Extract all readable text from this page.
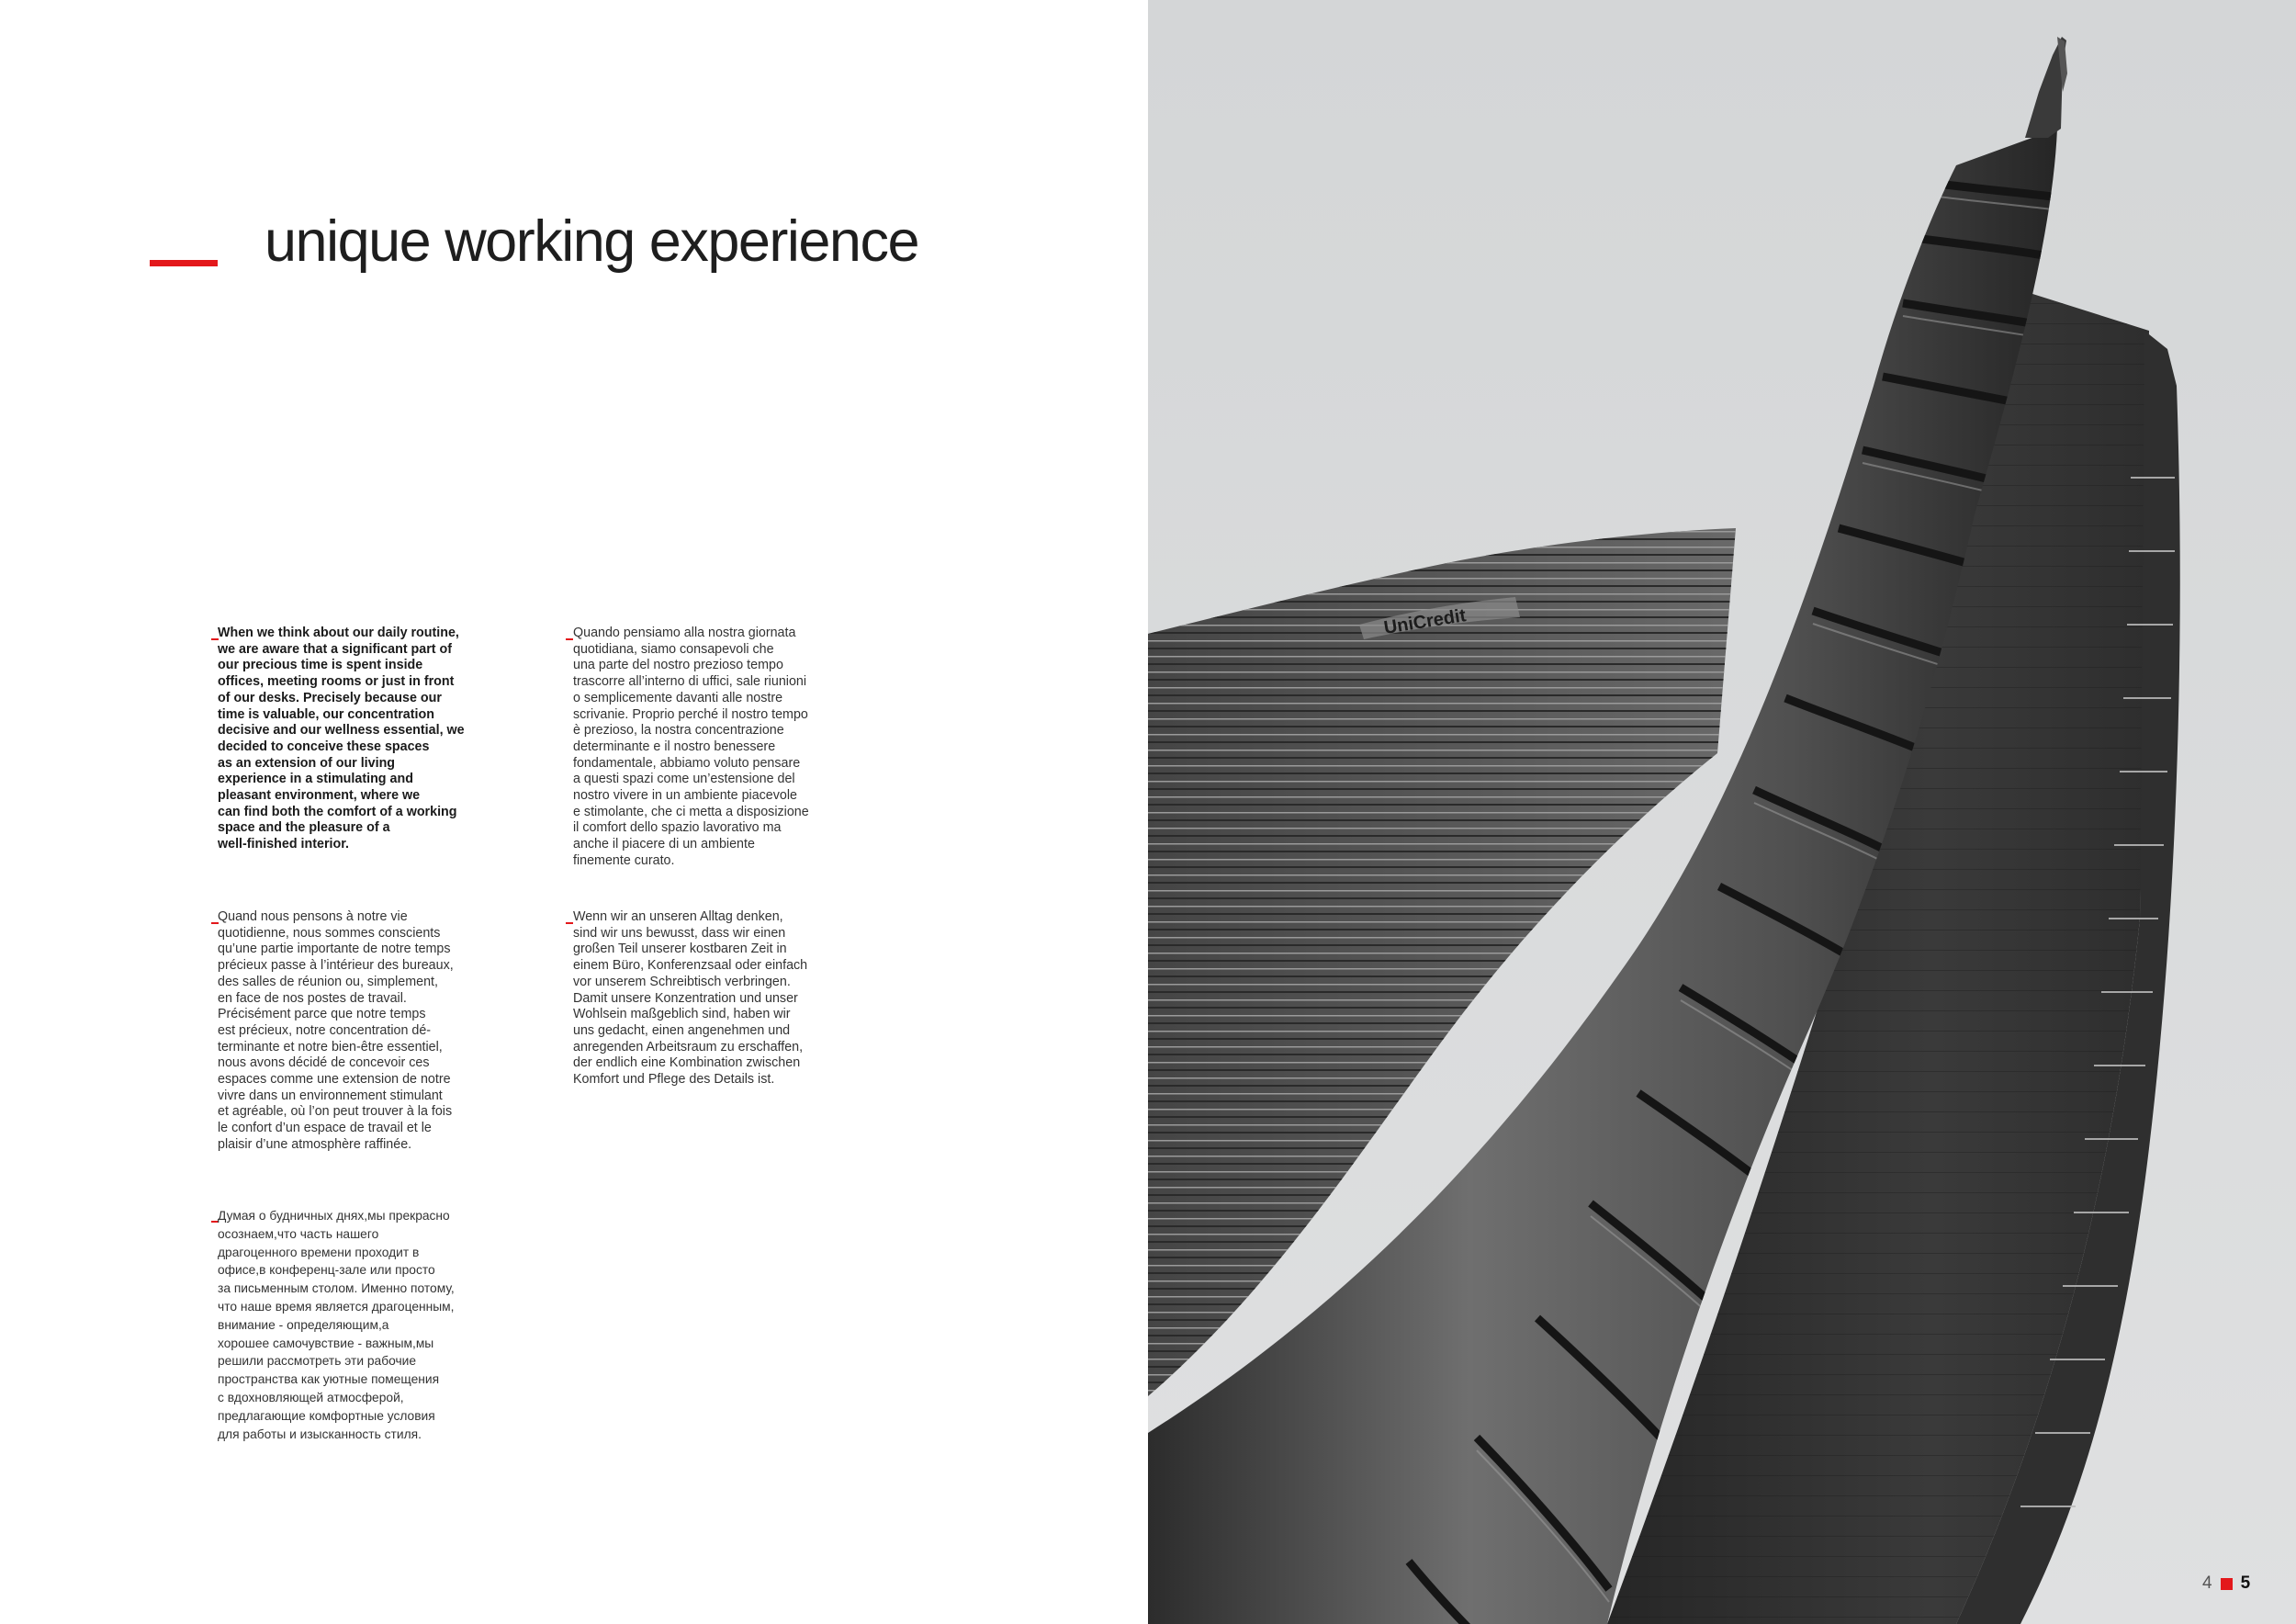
unique working experience

When we think about our daily routine,
we are aware that a significant part of
our precious time is spent inside
offices, meeting rooms or just in front
of our desks. Precisely because our
time is valuable, our concentration
decisive and our wellness essential, we
decided to conceive these spaces
as an extension of our living
experience in a stimulating and
pleasant environment, where we
can find both the comfort of a working
space and the pleasure of a
well-finished interior.

Quando pensiamo alla nostra giornata
quotidiana, siamo consapevoli che
una parte del nostro prezioso tempo
trascorre all’interno di uffici, sale riunioni
o semplicemente davanti alle nostre
scrivanie. Proprio perché il nostro tempo
è prezioso, la nostra concentrazione
determinante e il nostro benessere
fondamentale, abbiamo voluto pensare
a questi spazi come un’estensione del
nostro vivere in un ambiente piacevole
e stimolante, che ci metta a disposizione
il comfort dello spazio lavorativo ma
anche il piacere di un ambiente
finemente curato.

Quand nous pensons à notre vie
quotidienne, nous sommes conscients
qu’une partie importante de notre temps
précieux passe à l’intérieur des bureaux,
des salles de réunion ou, simplement,
en face de nos postes de travail.
Précisément parce que notre temps
est précieux, notre concentration dé-
terminante et notre bien-être essentiel,
nous avons décidé de concevoir ces
espaces comme une extension de notre
vivre dans un environnement stimulant
et agréable, où l’on peut trouver à la fois
le confort d’un espace de travail et le
plaisir d’une atmosphère raffinée.

Wenn wir an unseren Alltag denken,
sind wir uns bewusst, dass wir einen
großen Teil unserer kostbaren Zeit in
einem Büro, Konferenzsaal oder einfach
vor unserem Schreibtisch verbringen.
Damit unsere Konzentration und unser
Wohlsein maßgeblich sind, haben wir
uns gedacht, einen angenehmen und
anregenden Arbeitsraum zu erschaffen,
der endlich eine Kombination zwischen
Komfort und Pflege des Details ist.

Думая о будничных днях,мы прекрасно
осознаем,что часть нашего
драгоценного времени проходит в
офисе,в конференц-зале или просто
за письменным столом. Именно потому,
что наше время является драгоценным,
внимание - определяющим,а
хорошее самочувствие - важным,мы
решили рассмотреть эти рабочие
пространства как уютные помещения
с вдохновляющей атмосферой,
предлагающие комфортные условия
для работы и изысканность стиля.

UniCredit
4 5
